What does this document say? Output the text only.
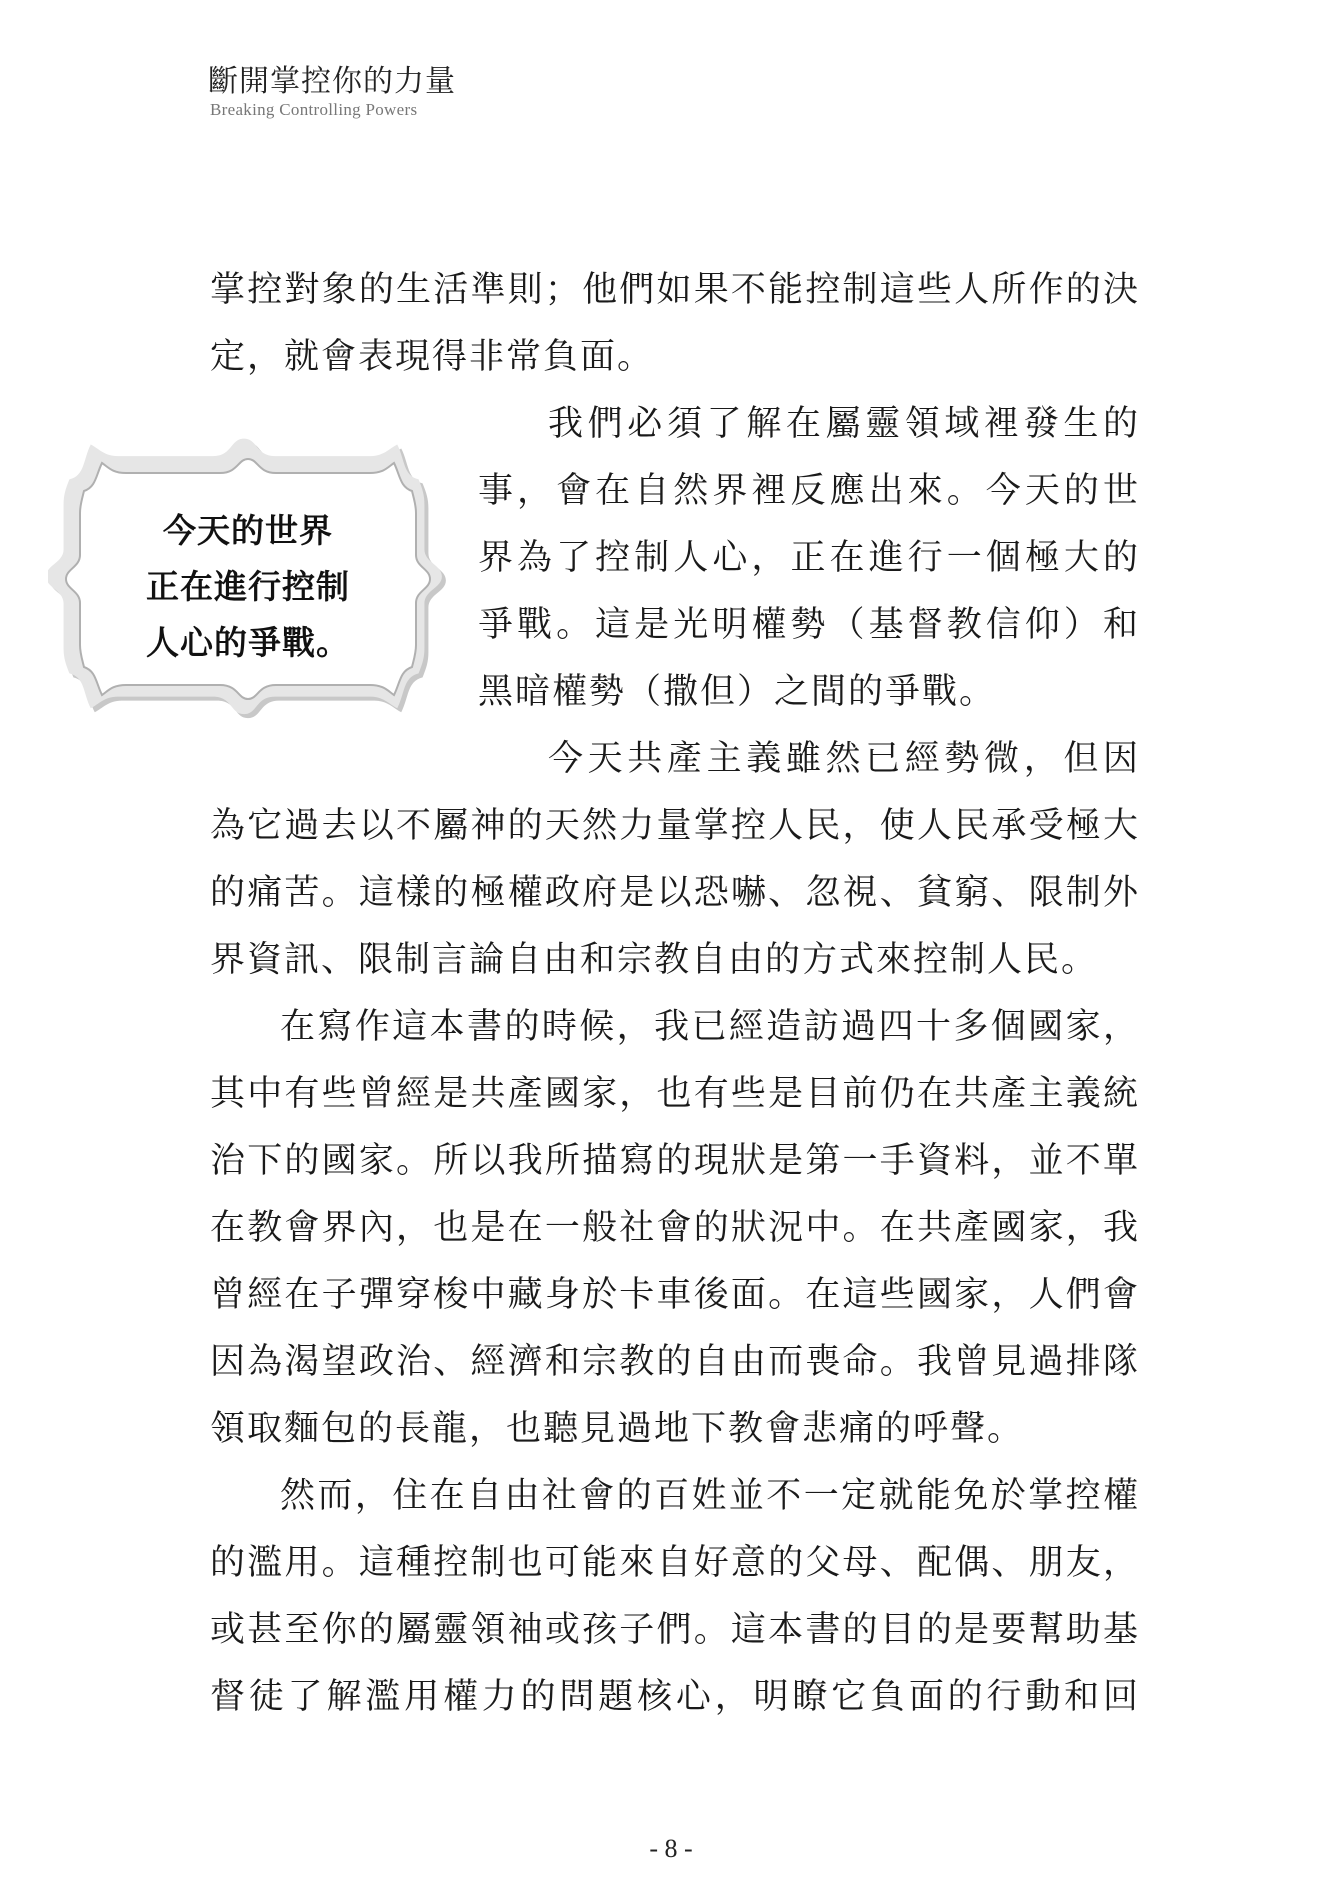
斷開掌控你的力量
Breaking Controlling Powers
今天的世界
正在進行控制
人心的爭戰。
掌控對象的生活準則；他們如果不能控制這些人所作的決
定，就會表現得非常負面。
我們必須了解在屬靈領域裡發生的
事，會在自然界裡反應出來。今天的世
界為了控制人心，正在進行一個極大的
爭戰。這是光明權勢（基督教信仰）和
黑暗權勢（撒但）之間的爭戰。
今天共產主義雖然已經勢微，但因
為它過去以不屬神的天然力量掌控人民，使人民承受極大
的痛苦。這樣的極權政府是以恐嚇、忽視、貧窮、限制外
界資訊、限制言論自由和宗教自由的方式來控制人民。
在寫作這本書的時候，我已經造訪過四十多個國家，
其中有些曾經是共產國家，也有些是目前仍在共產主義統
治下的國家。所以我所描寫的現狀是第一手資料，並不單
在教會界內，也是在一般社會的狀況中。在共產國家，我
曾經在子彈穿梭中藏身於卡車後面。在這些國家，人們會
因為渴望政治、經濟和宗教的自由而喪命。我曾見過排隊
領取麵包的長龍，也聽見過地下教會悲痛的呼聲。
然而，住在自由社會的百姓並不一定就能免於掌控權
的濫用。這種控制也可能來自好意的父母、配偶、朋友，
或甚至你的屬靈領袖或孩子們。這本書的目的是要幫助基
督徒了解濫用權力的問題核心，明瞭它負面的行動和回
- 8 -
